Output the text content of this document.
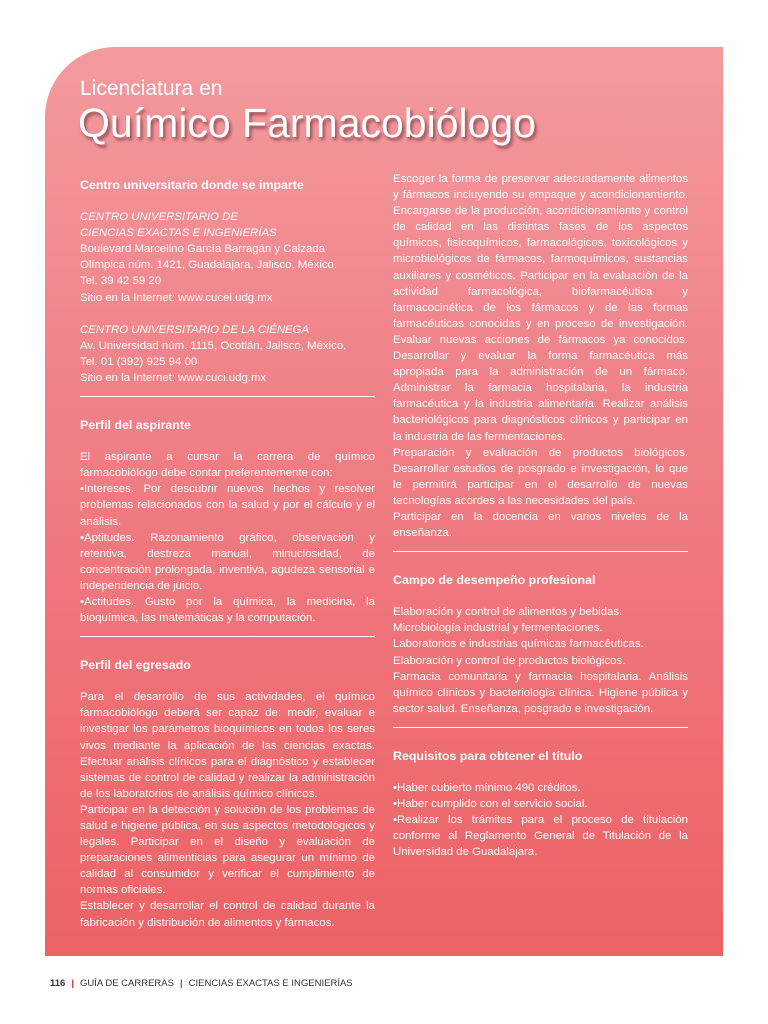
Licenciatura en
Químico Farmacobiólogo
Centro universitario donde se imparte
CENTRO UNIVERSITARIO DE
CIENCIAS EXACTAS E INGENIERÍAS
Boulevard Marcelino García Barragán y Calzada
Olímpica núm. 1421, Guadalajara, Jalisco, México.
Tel. 39 42 59 20
Sitio en la Internet: www.cucei.udg.mx
CENTRO UNIVERSITARIO DE LA CIÉNEGA
Av. Universidad núm. 1115, Ocotlán, Jalisco, México.
Tel. 01 (392) 925 94 00
Sitio en la Internet: www.cuci.udg.mx
Perfil del aspirante
El aspirante a cursar la carrera de químico farmacobiólogo debe contar preferentemente con:
•Intereses. Por descubrir nuevos hechos y resolver problemas relacionados con la salud y por el cálculo y el análisis.
•Aptitudes. Razonamiento gráfico, observación y retentiva, destreza manual, minuciosidad, de concentración prolongada, inventiva, agudeza sensorial e independencia de juicio.
•Actitudes. Gusto por la química, la medicina, la bioquímica, las matemáticas y la computación.
Perfil del egresado
Para el desarrollo de sus actividades, el químico farmacobiólogo deberá ser capaz de: medir, evaluar e investigar los parámetros bioquímicos en todos los seres vivos mediante la aplicación de las ciencias exactas. Efectuar análisis clínicos para el diagnóstico y establecer sistemas de control de calidad y realizar la administración de los laboratorios de análisis químico clínicos.
Participar en la detección y solución de los problemas de salud e higiene pública, en sus aspectos metodológicos y legales. Participar en el diseño y evaluación de preparaciones alimenticias para asegurar un mínimo de calidad al consumidor y verificar el cumplimiento de normas oficiales.
Establecer y desarrollar el control de calidad durante la fabricación y distribución de alimentos y fármacos.
Escoger la forma de preservar adecuadamente alimentos y fármacos incluyendo su empaque y acondicionamiento. Encargarse de la producción, acondicionamiento y control de calidad en las distintas fases de los aspectos químicos, fisicoquímicos, farmacológicos, toxicológicos y microbiológicos de fármacos, farmoquímicos, sustancias auxiliares y cosméticos. Participar en la evaluación de la actividad farmacológica, biofarmacéutica y farmacocinética de los fármacos y de las formas farmacéuticas conocidas y en proceso de investigación. Evaluar nuevas acciones de fármacos ya conocidos. Desarrollar y evaluar la forma farmacéutica más apropiada para la administración de un fármaco. Administrar la farmacia hospitalaria, la industria farmacéutica y la industria alimentaria. Realizar análisis bacteriológicos para diagnósticos clínicos y participar en la industria de las fermentaciones.
Preparación y evaluación de productos biológicos. Desarrollar estudios de posgrado e investigación, lo que le permitirá participar en el desarrollo de nuevas tecnologías acordes a las necesidades del país.
Participar en la docencia en varios niveles de la enseñanza.
Campo de desempeño profesional
Elaboración y control de alimentos y bebidas.
Microbiología industrial y fermentaciones.
Laboratorios e industrias químicas farmacéuticas.
Elaboración y control de productos biológicos.
Farmacia comunitaria y farmacia hospitalaria. Análisis químico clínicos y bacteriología clínica. Higiene pública y sector salud. Enseñanza, posgrado e investigación.
Requisitos para obtener el título
•Haber cubierto mínimo 490 créditos.
•Haber cumplido con el servicio social.
•Realizar los trámites para el proceso de titulación conforme al Reglamento General de Titulación de la Universidad de Guadalajara.
116 | GUÍA DE CARRERAS | CIENCIAS EXACTAS E INGENIERÍAS
